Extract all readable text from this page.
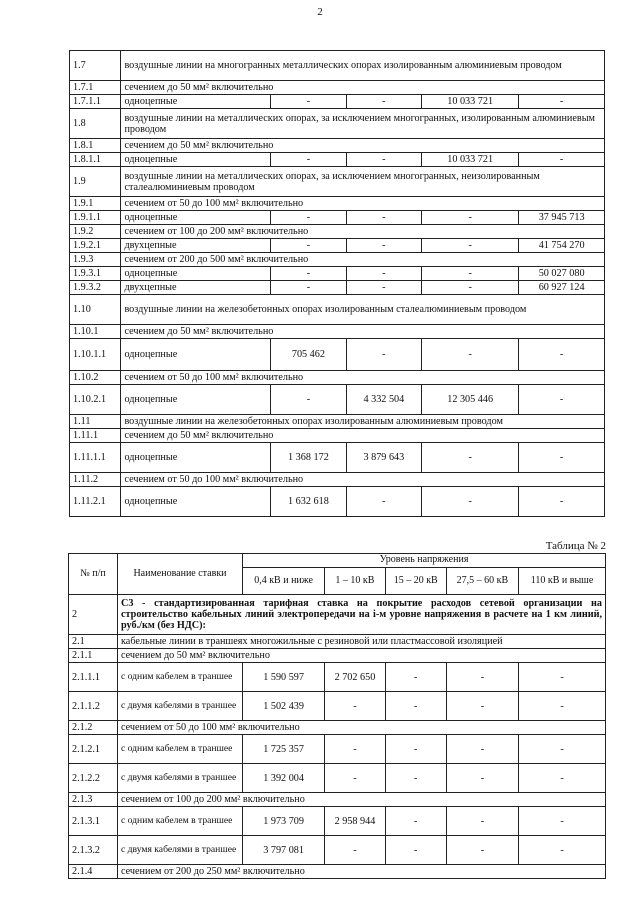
2
1.7	воздушные линии на многогранных металлических опорах изолированным алюминиевым проводом				
1.7.1	сечением до 50 мм² включительно				
1.7.1.1	одноцепные	-	-	10 033 721	-
1.8	воздушные линии на металлических опорах, за исключением многогранных, изолированным алюминиевым проводом				
1.8.1	сечением до 50 мм² включительно				
1.8.1.1	одноцепные	-	-	10 033 721	-
1.9	воздушные линии на металлических опорах, за исключением многогранных, неизолированным сталеалюминиевым проводом				
1.9.1	сечением от 50 до 100 мм² включительно				
1.9.1.1	одноцепные	-	-	-	37 945 713
1.9.2	сечением от 100 до 200 мм² включительно				
1.9.2.1	двухцепные	-	-	-	41 754 270
1.9.3	сечением от 200 до 500 мм² включительно				
1.9.3.1	одноцепные	-	-	-	50 027 080
1.9.3.2	двухцепные	-	-	-	60 927 124
1.10	воздушные линии на железобетонных опорах изолированным сталеалюминиевым проводом				
1.10.1	сечением до 50 мм² включительно				
1.10.1.1	одноцепные	705 462	-	-	-
1.10.2	сечением от 50 до 100 мм² включительно				
1.10.2.1	одноцепные	-	4 332 504	12 305 446	-
1.11	воздушные линии на железобетонных опорах изолированным алюминиевым проводом				
1.11.1	сечением до 50 мм² включительно				
1.11.1.1	одноцепные	1 368 172	3 879 643	-	-
1.11.2	сечением от 50 до 100 мм² включительно				
1.11.2.1	одноцепные	1 632 618	-	-	-
Таблица № 2
№ п/п	Наименование ставки	Уровень напряжения				
		0,4 кВ и ниже	1 – 10 кВ	15 – 20 кВ	27,5 – 60 кВ	110 кВ и выше
2	С3 - стандартизированная тарифная ставка на покрытие расходов сетевой организации на строительство кабельных линий электропередачи на i-м уровне напряжения в расчете на 1 км линий, руб./км (без НДС):					
2.1	кабельные линии в траншеях многожильные с резиновой или пластмассовой изоляцией					
2.1.1	сечением до 50 мм² включительно					
2.1.1.1	с одним кабелем в траншее	1 590 597	2 702 650	-	-	-
2.1.1.2	с двумя кабелями в траншее	1 502 439	-	-	-	-
2.1.2	сечением от 50 до 100 мм² включительно					
2.1.2.1	с одним кабелем в траншее	1 725 357	-	-	-	-
2.1.2.2	с двумя кабелями в траншее	1 392 004	-	-	-	-
2.1.3	сечением от 100 до 200 мм² включительно					
2.1.3.1	с одним кабелем в траншее	1 973 709	2 958 944	-	-	-
2.1.3.2	с двумя кабелями в траншее	3 797 081	-	-	-	-
2.1.4	сечением от 200 до 250 мм² включительно					
